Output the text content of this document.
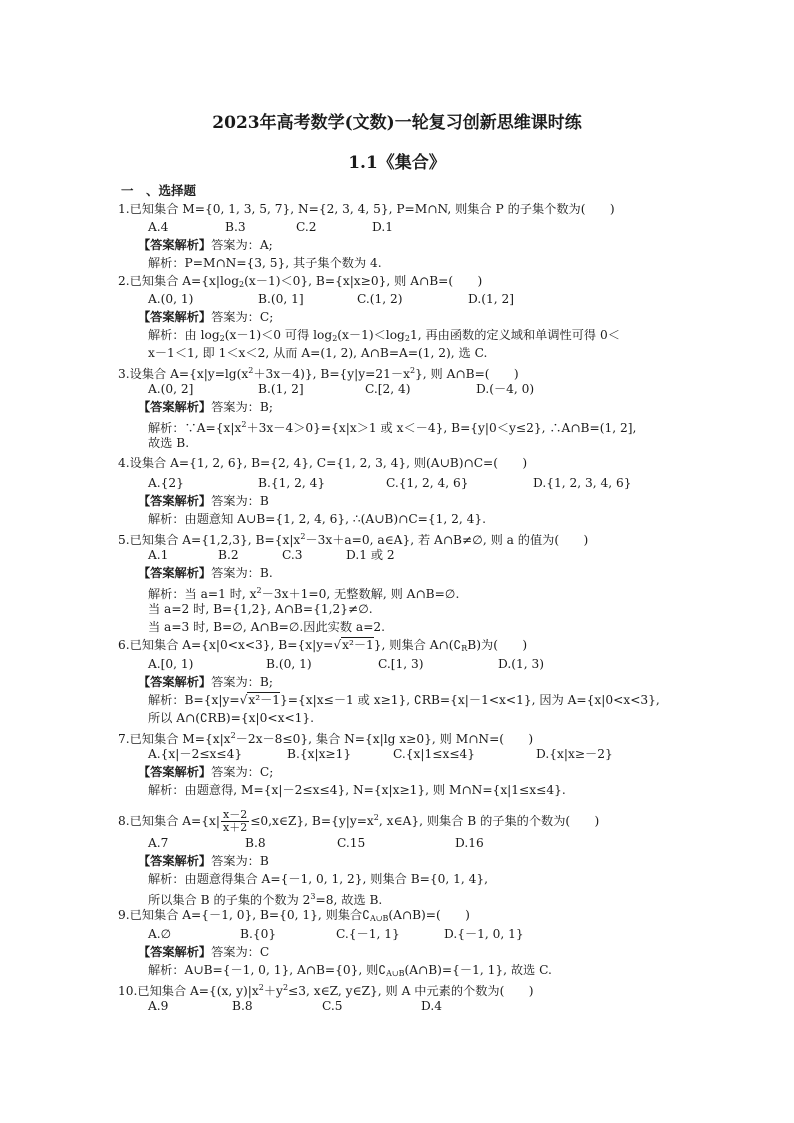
2023年高考数学(文数)一轮复习创新思维课时练
1.1《集合》
一　、选择题
1.已知集合 M={0, 1, 3, 5, 7}, N={2, 3, 4, 5}, P=M∩N, 则集合 P 的子集个数为(　　)
A.4	B.3	C.2	D.1
【答案解析】答案为：A;
解析：P=M∩N={3, 5}, 其子集个数为 4.
2.已知集合 $A=\{x|\log_2(x-1)<0\}$, B={x|x≥0}, 则 A∩B=(　　)
A.(0, 1)	B.(0, 1]	C.(1, 2)	D.(1, 2]
【答案解析】答案为：C;
解析：由 $\log_2(x-1)<0$ 可得 $\log_2(x-1)<\log_21$, 再由函数的定义域和单调性可得 0＜
x－1＜1, 即 1＜x＜2, 从而 A=(1, 2), A∩B=A=(1, 2), 选 C.
3.设集合 $A=\{x|y=\lg(x^2+3x-4)\}$, $B=\{y|y=21-x^2\}$, 则 A∩B=(　　)
A.(0, 2]	B.(1, 2]	C.[2, 4)	D.(－4, 0)
【答案解析】答案为：B;
解析：$\because A=\{x|x^2+3x-4>0\}=\{x|x>1$ 或 x＜－4}, B={y|0＜y≤2}, ∴A∩B=(1, 2],
故选 B.
4.设集合 A={1, 2, 6}, B={2, 4}, C={1, 2, 3, 4}, 则(A∪B)∩C=(　　)
A.{2}	B.{1, 2, 4}	C.{1, 2, 4, 6}	D.{1, 2, 3, 4, 6}
【答案解析】答案为：B
解析：由题意知 A∪B={1, 2, 4, 6}, ∴(A∪B)∩C={1, 2, 4}.
5.已知集合 A={1,2,3}, $B=\{x|x^2-3x+a=0$, a∈A}, 若 A∩B≠∅, 则 a 的值为(　　)
A.1	B.2	C.3	D.1 或 2
【答案解析】答案为：B.
解析：当 a=1 时, $x^2-3x+1=0$, 无整数解, 则 A∩B=∅.
当 a=2 时, B={1,2}, A∩B={1,2}≠∅.
当 a=3 时, B=∅, A∩B=∅.因此实数 a=2.
6.已知集合 A={x|0<x<3}, B={x|y=√x²－1}, 则集合 $A\cap(∁_RB)$为(　　)
A.[0, 1)	B.(0, 1)	C.[1, 3)	D.(1, 3)
【答案解析】答案为：B;
解析：B={x|y=√x²－1}={x|x≤－1 或 x≥1}, ∁RB={x|－1<x<1}, 因为 A={x|0<x<3},
所以 A∩(∁RB)={x|0<x<1}.
7.已知集合 $M=\{x|x^2-2x-8\le 0\}$, 集合 N={x|lg x≥0}, 则 M∩N=(　　)
A.{x|－2≤x≤4}	B.{x|x≥1}	C.{x|1≤x≤4}	D.{x|x≥－2}
【答案解析】答案为：C;
解析：由题意得, M={x|－2≤x≤4}, N={x|x≥1}, 则 M∩N={x|1≤x≤4}.
8.已知集合 $A=\{x| \frac{x-2}{x+2}$ ≤0,x∈Z}, $B=\{y|y=x^2$, x∈A}, 则集合 B 的子集的个数为(　　)
A.7	B.8	C.15	D.16
【答案解析】答案为：B
解析：由题意得集合 A={－1, 0, 1, 2}, 则集合 B={0, 1, 4},
所以集合 B 的子集的个数为 $2^3=8$, 故选 B.
9.已知集合 A={－1, 0}, B={0, 1}, 则集合$∁_{A\cup B}(A\cap B)=$(　　)
A.∅	B.{0}	C.{－1, 1}	D.{－1, 0, 1}
【答案解析】答案为：C
解析：A∪B={－1, 0, 1}, A∩B={0}, 则$∁_{A\cup B}(A\cap B)=\{-1$, 1}, 故选 C.
10.已知集合 A={(x, $y)|x^2+y^2\le 3$, x∈Z, y∈Z}, 则 A 中元素的个数为(　　)
A.9	B.8	C.5	D.4
